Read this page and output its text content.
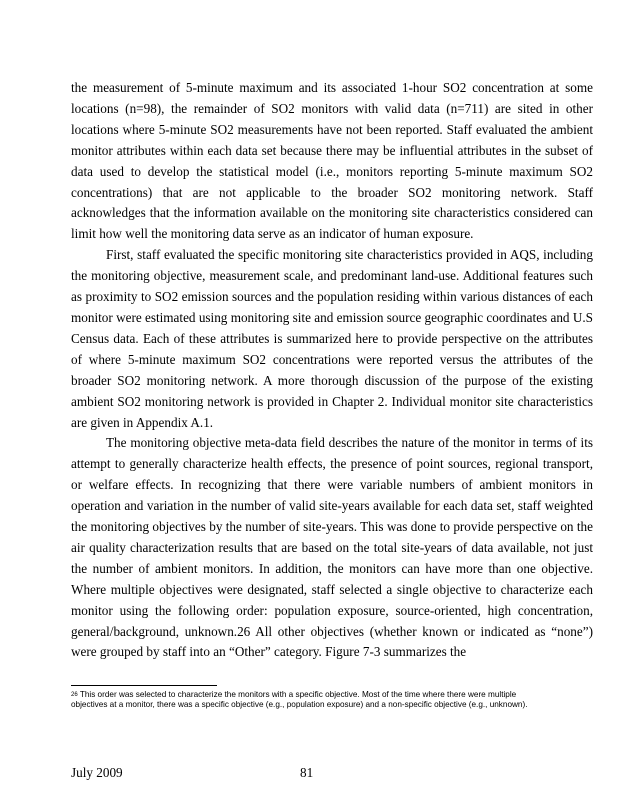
the measurement of 5-minute maximum and its associated 1-hour SO2 concentration at some locations (n=98), the remainder of SO2 monitors with valid data (n=711) are sited in other locations where 5-minute SO2 measurements have not been reported. Staff evaluated the ambient monitor attributes within each data set because there may be influential attributes in the subset of data used to develop the statistical model (i.e., monitors reporting 5-minute maximum SO2 concentrations) that are not applicable to the broader SO2 monitoring network. Staff acknowledges that the information available on the monitoring site characteristics considered can limit how well the monitoring data serve as an indicator of human exposure.

First, staff evaluated the specific monitoring site characteristics provided in AQS, including the monitoring objective, measurement scale, and predominant land-use. Additional features such as proximity to SO2 emission sources and the population residing within various distances of each monitor were estimated using monitoring site and emission source geographic coordinates and U.S Census data. Each of these attributes is summarized here to provide perspective on the attributes of where 5-minute maximum SO2 concentrations were reported versus the attributes of the broader SO2 monitoring network. A more thorough discussion of the purpose of the existing ambient SO2 monitoring network is provided in Chapter 2. Individual monitor site characteristics are given in Appendix A.1.

The monitoring objective meta-data field describes the nature of the monitor in terms of its attempt to generally characterize health effects, the presence of point sources, regional transport, or welfare effects. In recognizing that there were variable numbers of ambient monitors in operation and variation in the number of valid site-years available for each data set, staff weighted the monitoring objectives by the number of site-years. This was done to provide perspective on the air quality characterization results that are based on the total site-years of data available, not just the number of ambient monitors. In addition, the monitors can have more than one objective. Where multiple objectives were designated, staff selected a single objective to characterize each monitor using the following order: population exposure, source-oriented, high concentration, general/background, unknown.26 All other objectives (whether known or indicated as “none”) were grouped by staff into an “Other” category. Figure 7-3 summarizes the

$^{26}$ This order was selected to characterize the monitors with a specific objective. Most of the time where there were multiple objectives at a monitor, there was a specific objective (e.g., population exposure) and a non-specific objective (e.g., unknown).
July 2009	81
